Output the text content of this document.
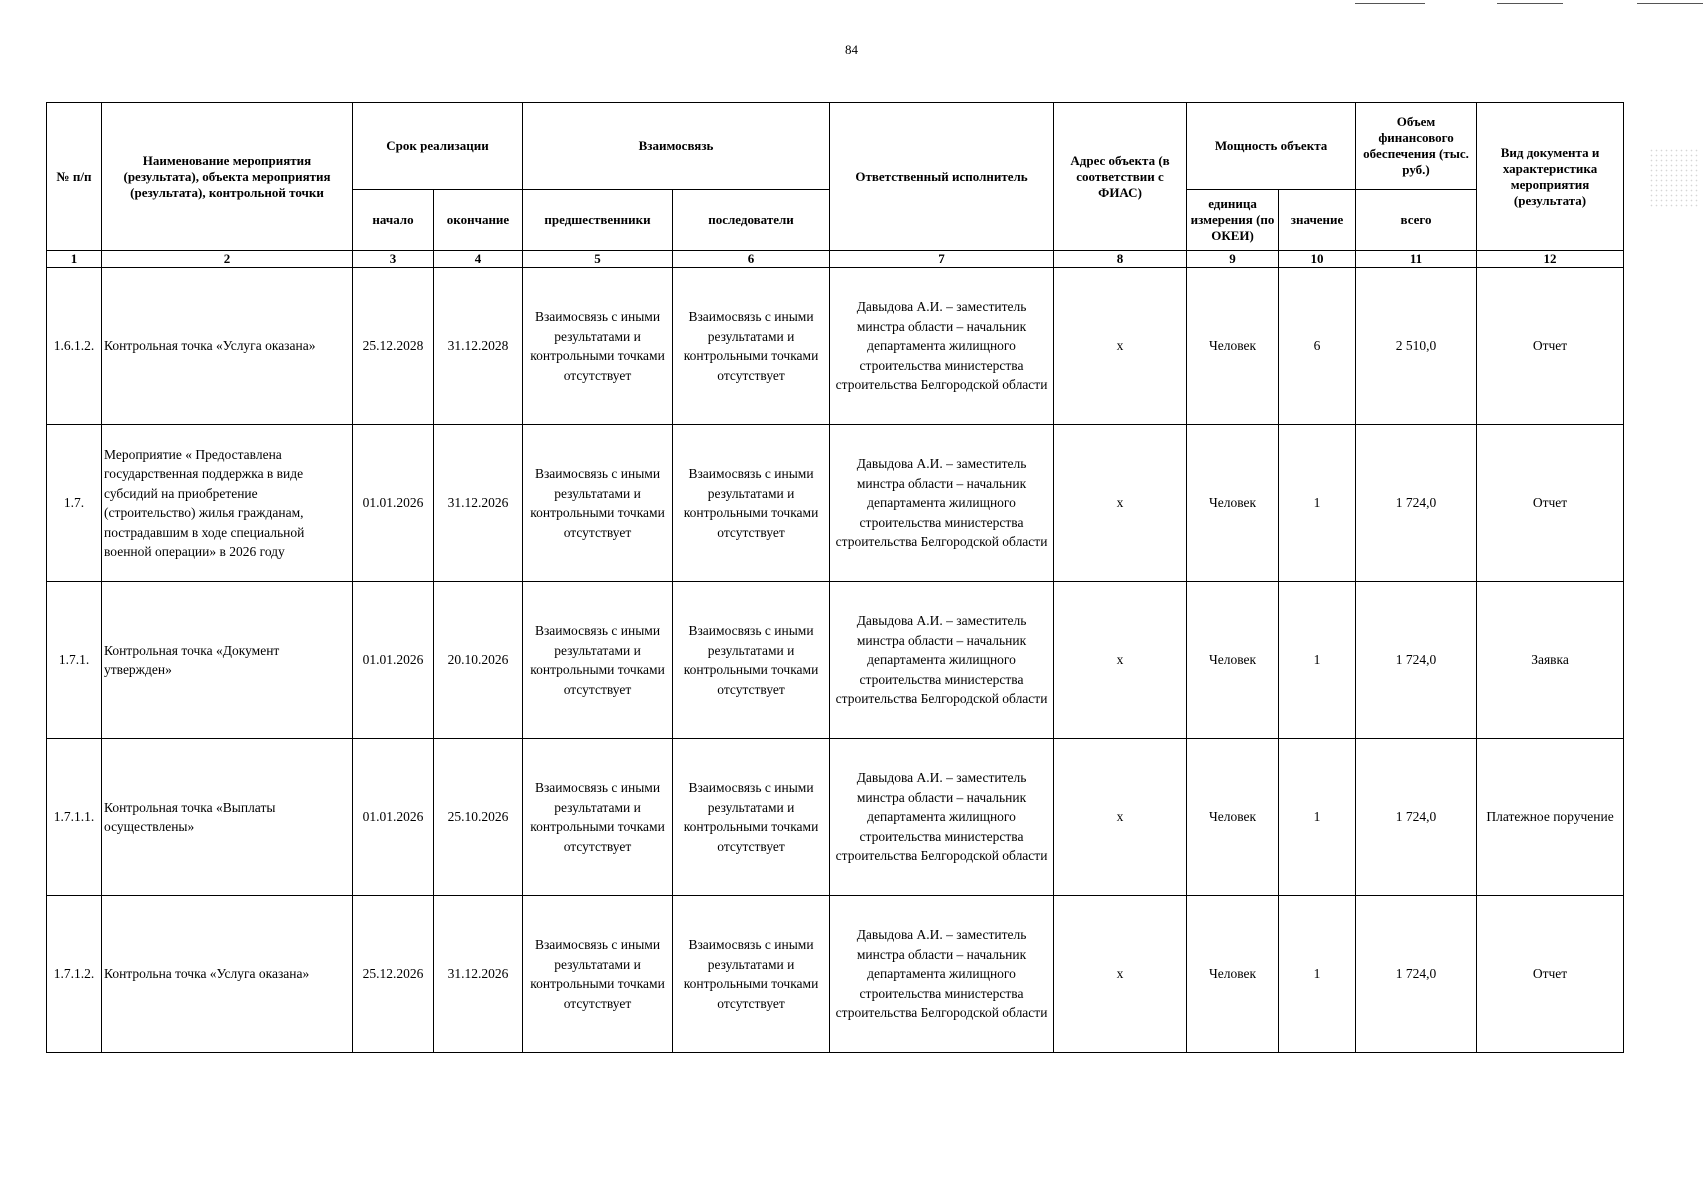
84
№ п/п	Наименование мероприятия (результата), объекта мероприятия (результата), контрольной точки	Срок реализации		Взаимосвязь		Ответственный исполнитель	Адрес объекта (в соответствии с ФИАС)	Мощность объекта		Объем финансового обеспечения (тыс. руб.)	Вид документа и характеристика мероприятия (результата)
		начало	окончание	предшественники	последователи			единица измерения (по ОКЕИ)	значение	всего	
1	2	3	4	5	6	7	8	9	10	11	12
1.6.1.2.	Контрольная точка «Услуга оказана»	25.12.2028	31.12.2028	Взаимосвязь с иными результатами и контрольными точками отсутствует	Взаимосвязь с иными результатами и контрольными точками отсутствует	Давыдова А.И. – заместитель минстра области – начальник департамента жилищного строительства министерства строительства Белгородской области	x	Человек	6	2 510,0	Отчет
1.7.	Мероприятие « Предоставлена государственная поддержка в виде субсидий на приобретение (строительство) жилья гражданам, пострадавшим в ходе специальной военной операции» в 2026 году	01.01.2026	31.12.2026	Взаимосвязь с иными результатами и контрольными точками отсутствует	Взаимосвязь с иными результатами и контрольными точками отсутствует	Давыдова А.И. – заместитель минстра области – начальник департамента жилищного строительства министерства строительства Белгородской области	x	Человек	1	1 724,0	Отчет
1.7.1.	Контрольная точка «Документ утвержден»	01.01.2026	20.10.2026	Взаимосвязь с иными результатами и контрольными точками отсутствует	Взаимосвязь с иными результатами и контрольными точками отсутствует	Давыдова А.И. – заместитель минстра области – начальник департамента жилищного строительства министерства строительства Белгородской области	x	Человек	1	1 724,0	Заявка
1.7.1.1.	Контрольная точка «Выплаты осуществлены»	01.01.2026	25.10.2026	Взаимосвязь с иными результатами и контрольными точками отсутствует	Взаимосвязь с иными результатами и контрольными точками отсутствует	Давыдова А.И. – заместитель минстра области – начальник департамента жилищного строительства министерства строительства Белгородской области	x	Человек	1	1 724,0	Платежное поручение
1.7.1.2.	Контрольна точка «Услуга оказана»	25.12.2026	31.12.2026	Взаимосвязь с иными результатами и контрольными точками отсутствует	Взаимосвязь с иными результатами и контрольными точками отсутствует	Давыдова А.И. – заместитель минстра области – начальник департамента жилищного строительства министерства строительства Белгородской области	x	Человек	1	1 724,0	Отчет
